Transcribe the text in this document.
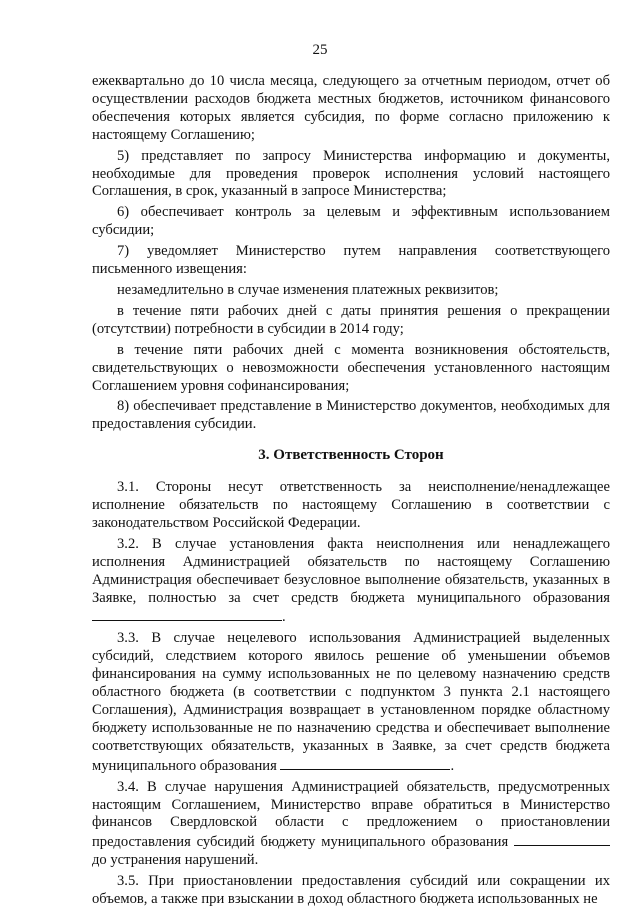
25

ежеквартально до 10 числа месяца, следующего за отчетным периодом, отчет об осуществлении расходов бюджета местных бюджетов, источником финансового обеспечения которых является субсидия, по форме согласно приложению к настоящему Соглашению;

5) представляет по запросу Министерства информацию и документы, необходимые для проведения проверок исполнения условий настоящего Соглашения, в срок, указанный в запросе Министерства;

6) обеспечивает контроль за целевым и эффективным использованием субсидии;

7) уведомляет Министерство путем направления соответствующего письменного извещения:

незамедлительно в случае изменения платежных реквизитов;

в течение пяти рабочих дней с даты принятия решения о прекращении (отсутствии) потребности в субсидии в 2014 году;

в течение пяти рабочих дней с момента возникновения обстоятельств, свидетельствующих о невозможности обеспечения установленного настоящим Соглашением уровня софинансирования;

8) обеспечивает представление в Министерство документов, необходимых для предоставления субсидии.

3. Ответственность Сторон

3.1. Стороны несут ответственность за неисполнение/ненадлежащее исполнение обязательств по настоящему Соглашению в соответствии с законодательством Российской Федерации.

3.2. В случае установления факта неисполнения или ненадлежащего исполнения Администрацией обязательств по настоящему Соглашению Администрация обеспечивает безусловное выполнение обязательств, указанных в Заявке, полностью за счет средств бюджета муниципального образования .

3.3. В случае нецелевого использования Администрацией выделенных субсидий, следствием которого явилось решение об уменьшении объемов финансирования на сумму использованных не по целевому назначению средств областного бюджета (в соответствии с подпунктом 3 пункта 2.1 настоящего Соглашения), Администрация возвращает в установленном порядке областному бюджету использованные не по назначению средства и обеспечивает выполнение соответствующих обязательств, указанных в Заявке, за счет средств бюджета муниципального образования	.

3.4. В случае нарушения Администрацией обязательств, предусмотренных настоящим Соглашением, Министерство вправе обратиться в Министерство финансов Свердловской области с предложением о приостановлении предоставления субсидий бюджету муниципального образования  до устранения нарушений.

3.5. При приостановлении предоставления субсидий или сокращении их объемов, а также при взыскании в доход областного бюджета использованных не
